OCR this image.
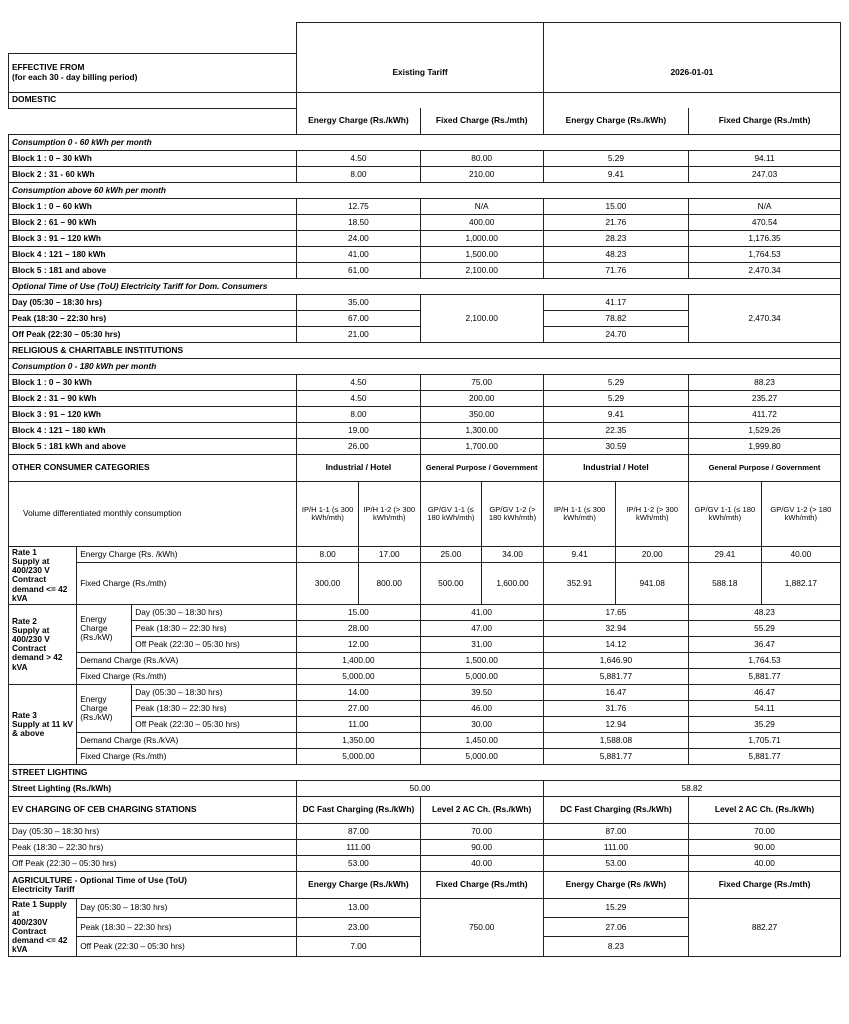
EFFECTIVE FROM
(for each 30 - day billing period)			Existing Tariff				2026-01-01			
DOMESTIC										
			Energy Charge (Rs./kWh)		Fixed Charge (Rs./mth)		Energy Charge (Rs./kWh)		Fixed Charge (Rs./mth)	
Consumption 0 - 60 kWh per month										
Block 1 : 0 – 30 kWh			4.50		80.00		5.29		94.11	
Block 2 : 31 - 60 kWh			8.00		210.00		9.41		247.03	
Consumption above 60 kWh per month										
Block 1 : 0 – 60 kWh			12.75		N/A		15.00		N/A	
Block 2 : 61 – 90 kWh			18.50		400.00		21.76		470.54	
Block 3 : 91 – 120 kWh			24.00		1,000.00		28.23		1,176.35	
Block 4 : 121 – 180 kWh			41.00		1,500.00		48.23		1,764.53	
Block 5 : 181 and above			61.00		2,100.00		71.76		2,470.34	
Optional Time of Use (ToU) Electricity Tariff for Dom. Consumers										
Day (05:30 – 18:30 hrs)			35.00		2,100.00		41.17		2,470.34	
Peak (18:30 – 22:30 hrs)			67.00				78.82			
Off Peak (22:30 – 05:30 hrs)			21.00				24.70			
RELIGIOUS & CHARITABLE INSTITUTIONS										
Consumption 0 - 180 kWh per month										
Block 1 : 0 – 30 kWh			4.50		75.00		5.29		88.23	
Block 2 : 31 – 90 kWh			4.50		200.00		5.29		235.27	
Block 3 : 91 – 120 kWh			8.00		350.00		9.41		411.72	
Block 4 : 121 – 180 kWh			19.00		1,300.00		22.35		1,529.26	
Block 5 : 181 kWh and above			26.00		1,700.00		30.59		1,999.80	
OTHER CONSUMER CATEGORIES			Industrial / Hotel		General Purpose / Government		Industrial / Hotel		General Purpose / Government	
Volume differentiated monthly consumption			IP/H 1-1 (≤ 300 kWh/mth)	IP/H 1-2 (> 300 kWh/mth)	GP/GV 1-1 (≤ 180 kWh/mth)	GP/GV 1-2 (> 180 kWh/mth)	IP/H 1-1 (≤ 300 kWh/mth)	IP/H 1-2 (> 300 kWh/mth)	GP/GV 1-1 (≤ 180 kWh/mth)	GP/GV 1-2 (> 180 kWh/mth)

Rate 1
Supply at 400/230 V Contract demand <= 42 kVA	Energy Charge (Rs. /kWh)		8.00	17.00	25.00	34.00	9.41	20.00	29.41	40.00
	Fixed Charge (Rs./mth)		300.00	800.00	500.00	1,600.00	352.91	941.08	588.18	1,882.17

Rate 2
Supply at 400/230 V Contract demand > 42 kVA	Energy Charge (Rs./kW)	Day (05:30 – 18:30 hrs)	15.00		41.00		17.65		48.23	
		Peak (18:30 – 22:30 hrs)	28.00		47.00		32.94		55.29	
		Off Peak (22:30 – 05:30 hrs)	12.00		31.00		14.12		36.47	
	Demand Charge (Rs./kVA)		1,400.00		1,500.00		1,646.90		1,764.53	
	Fixed Charge (Rs./mth)		5,000.00		5,000.00		5,881.77		5,881.77	

Rate 3
Supply at 11 kV & above	Energy Charge (Rs./kW)	Day (05:30 – 18:30 hrs)	14.00		39.50		16.47		46.47	
		Peak (18:30 – 22:30 hrs)	27.00		46.00		31.76		54.11	
		Off Peak (22:30 – 05:30 hrs)	11.00		30.00		12.94		35.29	
	Demand Charge (Rs./kVA)		1,350.00		1,450.00		1,588.08		1,705.71	
	Fixed Charge (Rs./mth)		5,000.00		5,000.00		5,881.77		5,881.77	
STREET LIGHTING										
Street Lighting (Rs./kWh)			50.00				58.82			
EV CHARGING OF CEB CHARGING STATIONS			DC Fast Charging (Rs./kWh)		Level 2 AC Ch. (Rs./kWh)		DC Fast Charging (Rs./kWh)		Level 2 AC Ch. (Rs./kWh)	
Day (05:30 – 18:30 hrs)			87.00		70.00		87.00		70.00	
Peak (18:30 – 22:30 hrs)			111.00		90.00		111.00		90.00	
Off Peak (22:30 – 05:30 hrs)			53.00		40.00		53.00		40.00	

AGRICULTURE - Optional Time of Use (ToU)
Electricity Tariff			Energy Charge (Rs./kWh)		Fixed Charge (Rs./mth)		Energy Charge (Rs /kWh)		Fixed Charge (Rs./mth)	

Rate 1 Supply at
400/230V Contract demand <= 42 kVA	Day (05:30 – 18:30 hrs)		13.00		750.00		15.29		882.27	
	Peak (18:30 – 22:30 hrs)		23.00				27.06			
	Off Peak (22:30 – 05:30 hrs)		7.00				8.23			
